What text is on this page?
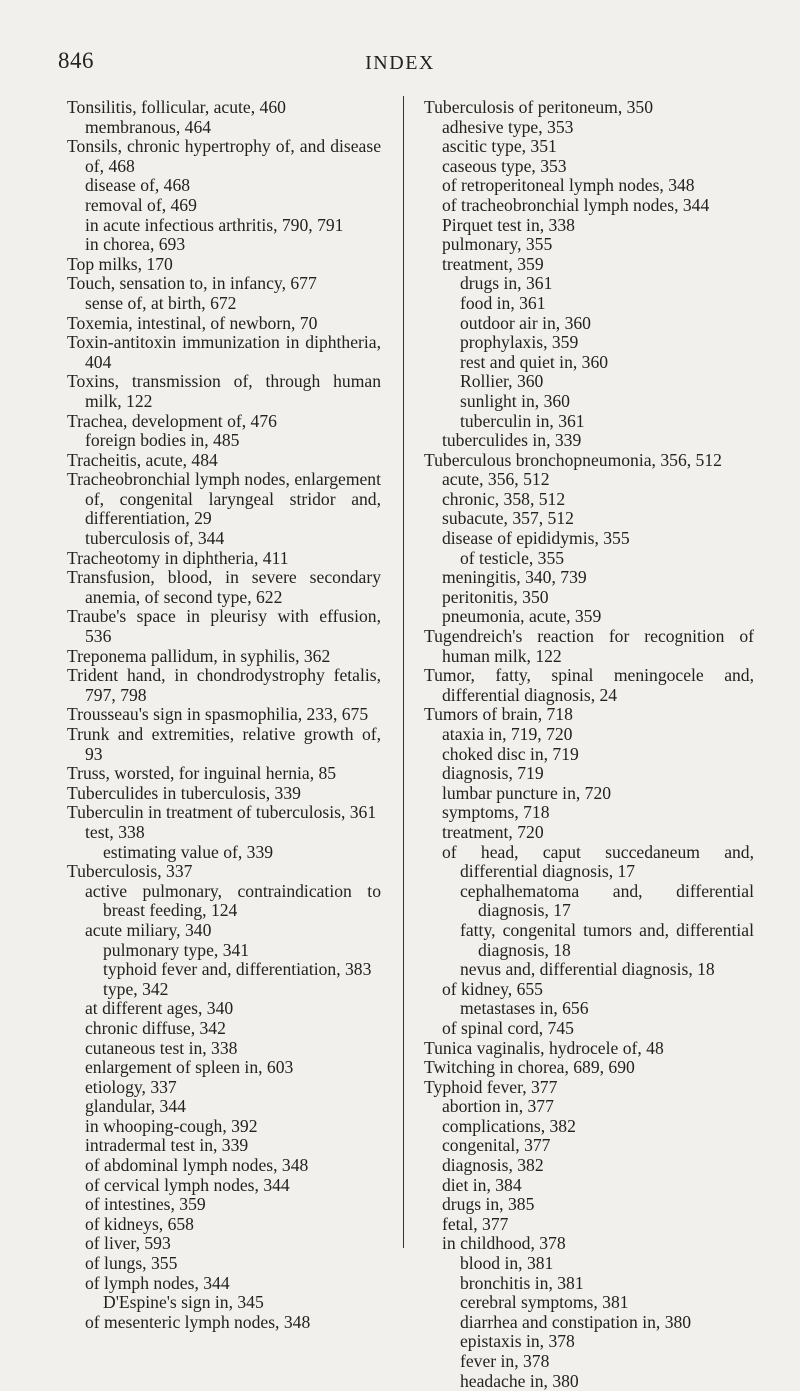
846	INDEX
Tonsilitis, follicular, acute, 460
membranous, 464
Tonsils, chronic hypertrophy of, and disease of, 468
disease of, 468
removal of, 469
in acute infectious arthritis, 790, 791
in chorea, 693
Top milks, 170
Touch, sensation to, in infancy, 677
sense of, at birth, 672
Toxemia, intestinal, of newborn, 70
Toxin-antitoxin immunization in diphtheria, 404
Toxins, transmission of, through human milk, 122
Trachea, development of, 476
foreign bodies in, 485
Tracheitis, acute, 484
Tracheobronchial lymph nodes, enlargement of, congenital laryngeal stridor and, differentiation, 29
tuberculosis of, 344
Tracheotomy in diphtheria, 411
Transfusion, blood, in severe secondary anemia, of second type, 622
Traube's space in pleurisy with effusion, 536
Treponema pallidum, in syphilis, 362
Trident hand, in chondrodystrophy fetalis, 797, 798
Trousseau's sign in spasmophilia, 233, 675
Trunk and extremities, relative growth of, 93
Truss, worsted, for inguinal hernia, 85
Tuberculides in tuberculosis, 339
Tuberculin in treatment of tuberculosis, 361
test, 338
estimating value of, 339
Tuberculosis, 337
active pulmonary, contraindication to breast feeding, 124
acute miliary, 340
pulmonary type, 341
typhoid fever and, differentiation, 383
type, 342
at different ages, 340
chronic diffuse, 342
cutaneous test in, 338
enlargement of spleen in, 603
etiology, 337
glandular, 344
in whooping-cough, 392
intradermal test in, 339
of abdominal lymph nodes, 348
of cervical lymph nodes, 344
of intestines, 359
of kidneys, 658
of liver, 593
of lungs, 355
of lymph nodes, 344
D'Espine's sign in, 345
of mesenteric lymph nodes, 348
Tuberculosis of peritoneum, 350
adhesive type, 353
ascitic type, 351
caseous type, 353
of retroperitoneal lymph nodes, 348
of tracheobronchial lymph nodes, 344
Pirquet test in, 338
pulmonary, 355
treatment, 359
drugs in, 361
food in, 361
outdoor air in, 360
prophylaxis, 359
rest and quiet in, 360
Rollier, 360
sunlight in, 360
tuberculin in, 361
tuberculides in, 339
Tuberculous bronchopneumonia, 356, 512
acute, 356, 512
chronic, 358, 512
subacute, 357, 512
disease of epididymis, 355
of testicle, 355
meningitis, 340, 739
peritonitis, 350
pneumonia, acute, 359
Tugendreich's reaction for recognition of human milk, 122
Tumor, fatty, spinal meningocele and, differential diagnosis, 24
Tumors of brain, 718
ataxia in, 719, 720
choked disc in, 719
diagnosis, 719
lumbar puncture in, 720
symptoms, 718
treatment, 720
of head, caput succedaneum and, differential diagnosis, 17
cephalhematoma and, differential diagnosis, 17
fatty, congenital tumors and, differential diagnosis, 18
nevus and, differential diagnosis, 18
of kidney, 655
metastases in, 656
of spinal cord, 745
Tunica vaginalis, hydrocele of, 48
Twitching in chorea, 689, 690
Typhoid fever, 377
abortion in, 377
complications, 382
congenital, 377
diagnosis, 382
diet in, 384
drugs in, 385
fetal, 377
in childhood, 378
blood in, 381
bronchitis in, 381
cerebral symptoms, 381
diarrhea and constipation in, 380
epistaxis in, 378
fever in, 378
headache in, 380
